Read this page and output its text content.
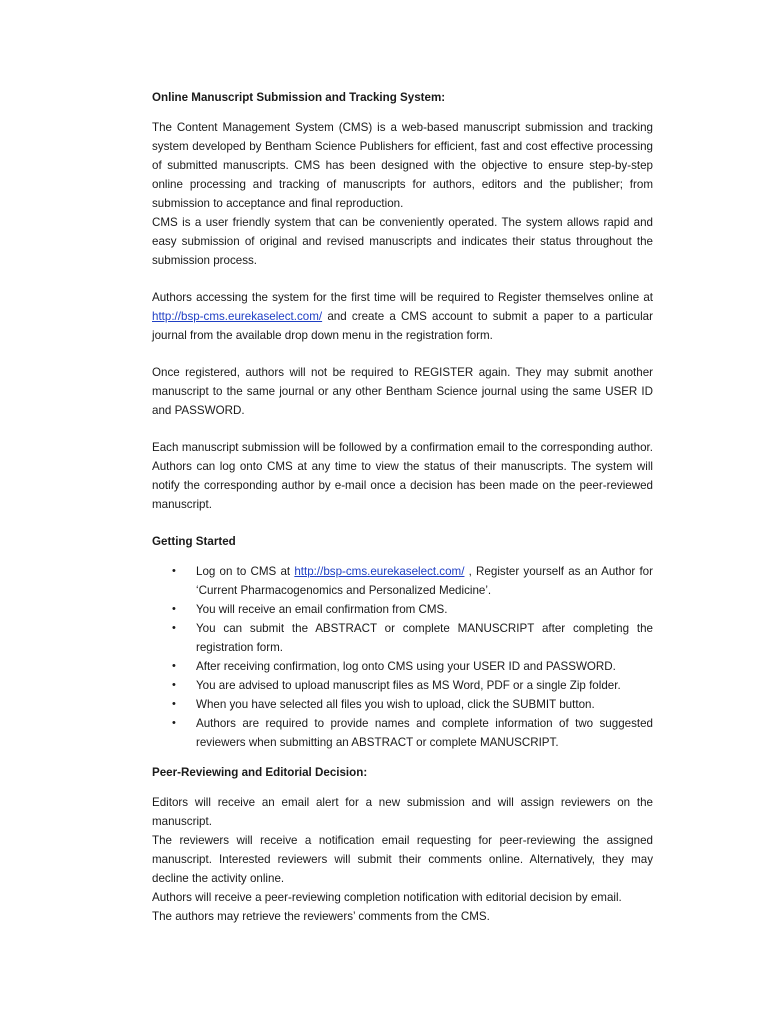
Online Manuscript Submission and Tracking System:

The Content Management System (CMS) is a web-based manuscript submission and tracking system developed by Bentham Science Publishers for efficient, fast and cost effective processing of submitted manuscripts. CMS has been designed with the objective to ensure step-by-step online processing and tracking of manuscripts for authors, editors and the publisher; from submission to acceptance and final reproduction.

CMS is a user friendly system that can be conveniently operated. The system allows rapid and easy submission of original and revised manuscripts and indicates their status throughout the submission process.

Authors accessing the system for the first time will be required to Register themselves online at http://bsp-cms.eurekaselect.com/ and create a CMS account to submit a paper to a particular journal from the available drop down menu in the registration form.

Once registered, authors will not be required to REGISTER again. They may submit another manuscript to the same journal or any other Bentham Science journal using the same USER ID and PASSWORD.

Each manuscript submission will be followed by a confirmation email to the corresponding author. Authors can log onto CMS at any time to view the status of their manuscripts. The system will notify the corresponding author by e-mail once a decision has been made on the peer-reviewed manuscript.

Getting Started
• Log on to CMS at http://bsp-cms.eurekaselect.com/ , Register yourself as an Author for ‘Current Pharmacogenomics and Personalized Medicine’.
• You will receive an email confirmation from CMS.
• You can submit the ABSTRACT or complete MANUSCRIPT after completing the registration form.
• After receiving confirmation, log onto CMS using your USER ID and PASSWORD.
• You are advised to upload manuscript files as MS Word, PDF or a single Zip folder.
• When you have selected all files you wish to upload, click the SUBMIT button.
• Authors are required to provide names and complete information of two suggested reviewers when submitting an ABSTRACT or complete MANUSCRIPT.
Peer-Reviewing and Editorial Decision:

Editors will receive an email alert for a new submission and will assign reviewers on the manuscript.

The reviewers will receive a notification email requesting for peer-reviewing the assigned manuscript. Interested reviewers will submit their comments online. Alternatively, they may decline the activity online.

Authors will receive a peer-reviewing completion notification with editorial decision by email.

The authors may retrieve the reviewers’ comments from the CMS.
